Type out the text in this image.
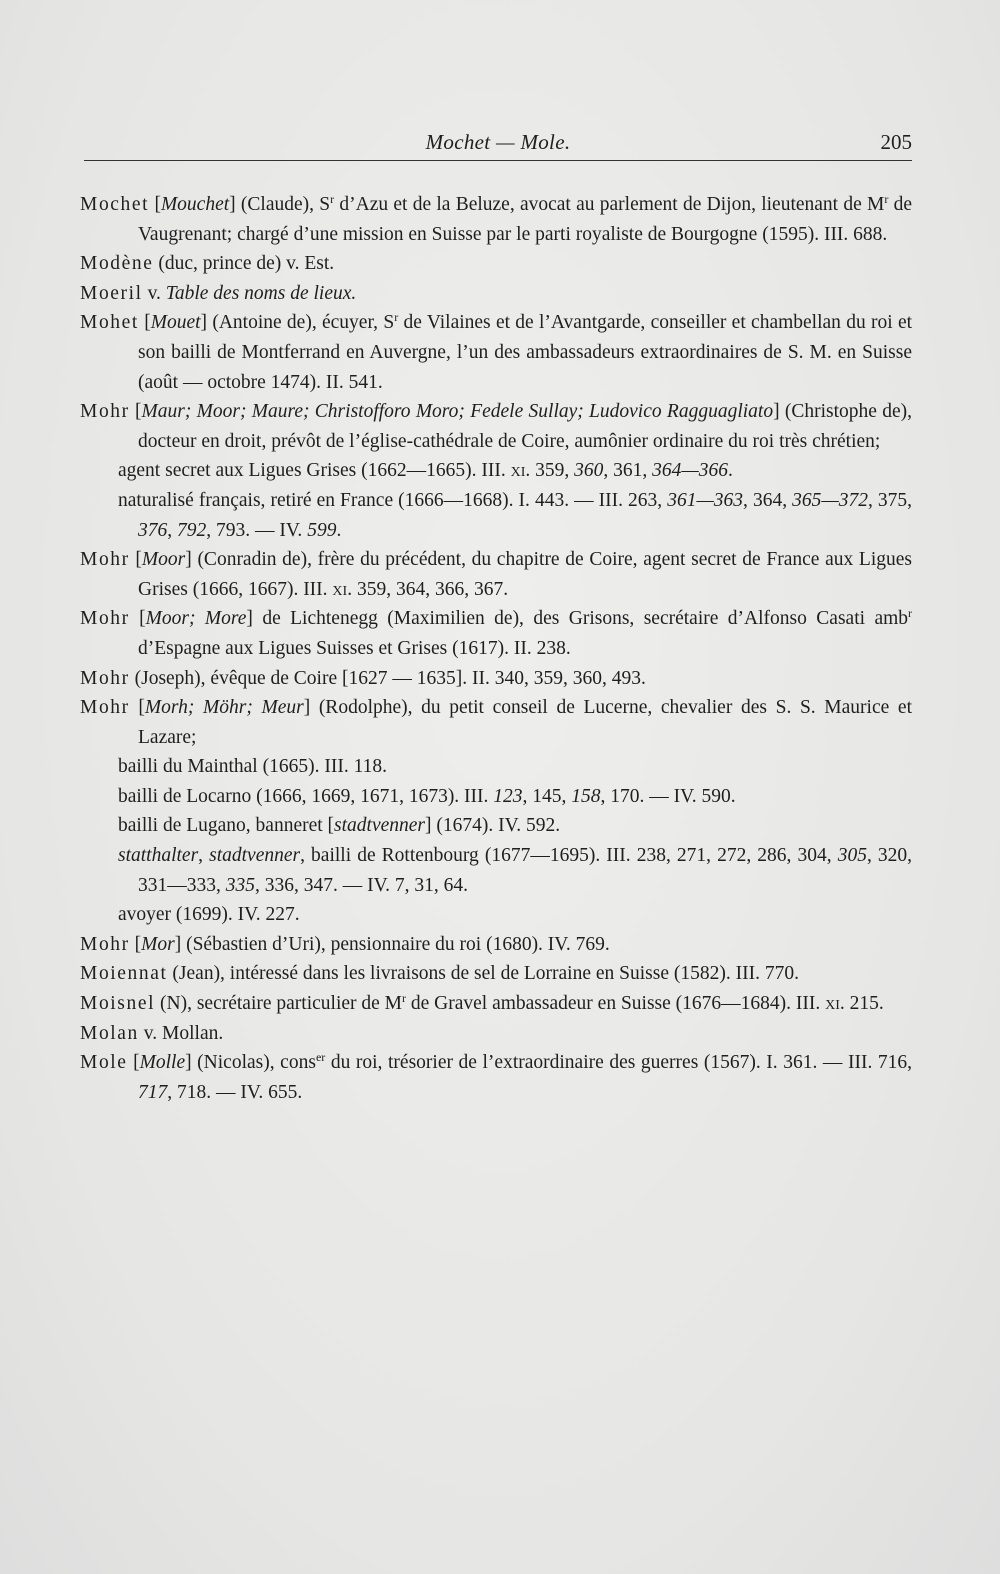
Mochet — Mole.	205

Mochet [Mouchet] (Claude), $S^r$ d’Azu et de la Beluze, avocat au parlement de Dijon, lieutenant de $M^r$ de Vaugrenant; chargé d’une mission en Suisse par le parti royaliste de Bourgogne (1595). III. 688.

Modène (duc, prince de) v. Est.

Moeril v. Table des noms de lieux.

Mohet [Mouet] (Antoine de), écuyer, $S^r$ de Vilaines et de l’Avantgarde, conseiller et chambellan du roi et son bailli de Montferrand en Auvergne, l’un des ambassadeurs extraordinaires de S. M. en Suisse (août — octobre 1474). II. 541.

Mohr [Maur; Moor; Maure; Christofforo Moro; Fedele Sullay; Ludovico Ragguagliato] (Christophe de), docteur en droit, prévôt de l’église-cathédrale de Coire, aumônier ordinaire du roi très chrétien;

agent secret aux Ligues Grises (1662—1665). III. xi. 359, 360, 361, 364—366.

naturalisé français, retiré en France (1666—1668). I. 443. — III. 263, 361—363, 364, 365—372, 375, 376, 792, 793. — IV. 599.

Mohr [Moor] (Conradin de), frère du précédent, du chapitre de Coire, agent secret de France aux Ligues Grises (1666, 1667). III. xi. 359, 364, 366, 367.

Mohr [Moor; More] de Lichtenegg (Maximilien de), des Grisons, secrétaire d’Alfonso Casati amb$^r$ d’Espagne aux Ligues Suisses et Grises (1617). II. 238.

Mohr (Joseph), évêque de Coire [1627 — 1635]. II. 340, 359, 360, 493.

Mohr [Morh; Möhr; Meur] (Rodolphe), du petit conseil de Lucerne, chevalier des S. S. Maurice et Lazare;

bailli du Mainthal (1665). III. 118.

bailli de Locarno (1666, 1669, 1671, 1673). III. 123, 145, 158, 170. — IV. 590.

bailli de Lugano, banneret [stadtvenner] (1674). IV. 592.

statthalter, stadtvenner, bailli de Rottenbourg (1677—1695). III. 238, 271, 272, 286, 304, 305, 320, 331—333, 335, 336, 347. — IV. 7, 31, 64.

avoyer (1699). IV. 227.

Mohr [Mor] (Sébastien d’Uri), pensionnaire du roi (1680). IV. 769.

Moiennat (Jean), intéressé dans les livraisons de sel de Lorraine en Suisse (1582). III. 770.

Moisnel (N), secrétaire particulier de $M^r$ de Gravel ambassadeur en Suisse (1676—1684). III. xi. 215.

Molan v. Mollan.

Mole [Molle] (Nicolas), cons$^{er}$ du roi, trésorier de l’extraordinaire des guerres (1567). I. 361. — III. 716, 717, 718. — IV. 655.
